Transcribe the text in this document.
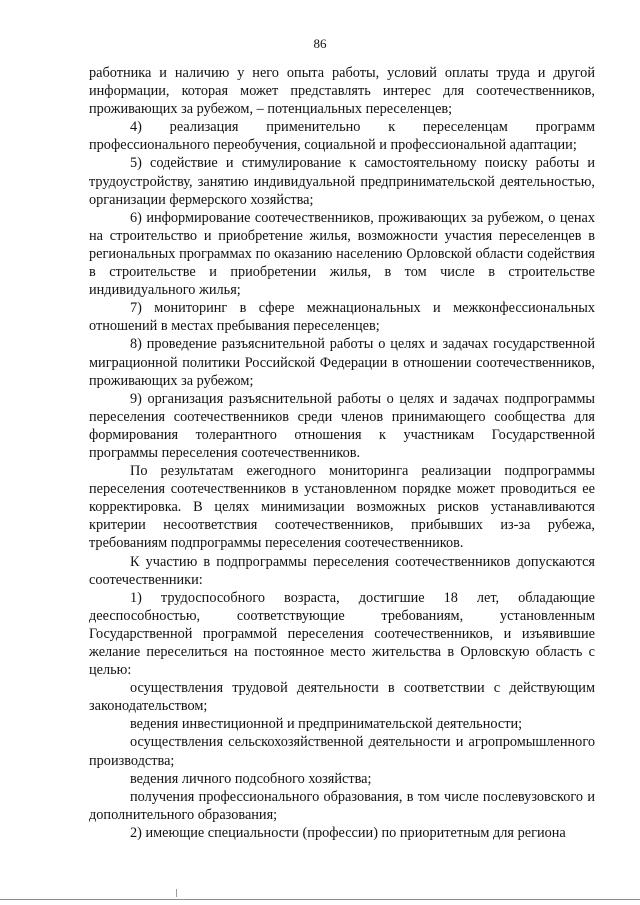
86

работника и наличию у него опыта работы, условий оплаты труда и другой информации, которая может представлять интерес для соотечественников, проживающих за рубежом, – потенциальных переселенцев;

4) реализация применительно к переселенцам программ профессионального переобучения, социальной и профессиональной адаптации;

5) содействие и стимулирование к самостоятельному поиску работы и трудоустройству, занятию индивидуальной предпринимательской деятельностью, организации фермерского хозяйства;

6) информирование соотечественников, проживающих за рубежом, о ценах на строительство и приобретение жилья, возможности участия переселенцев в региональных программах по оказанию населению Орловской области содействия в строительстве и приобретении жилья, в том числе в строительстве индивидуального жилья;

7) мониторинг в сфере межнациональных и межконфессиональных отношений в местах пребывания переселенцев;

8) проведение разъяснительной работы о целях и задачах государственной миграционной политики Российской Федерации в отношении соотечественников, проживающих за рубежом;

9) организация разъяснительной работы о целях и задачах подпрограммы переселения соотечественников среди членов принимающего сообщества для формирования толерантного отношения к участникам Государственной программы переселения соотечественников.

По результатам ежегодного мониторинга реализации подпрограммы переселения соотечественников в установленном порядке может проводиться ее корректировка. В целях минимизации возможных рисков устанавливаются критерии несоответствия соотечественников, прибывших из-за рубежа, требованиям подпрограммы переселения соотечественников.

К участию в подпрограммы переселения соотечественников допускаются соотечественники:

1) трудоспособного возраста, достигшие 18 лет, обладающие дееспособностью, соответствующие требованиям, установленным Государственной программой переселения соотечественников, и изъявившие желание переселиться на постоянное место жительства в Орловскую область с целью:

осуществления трудовой деятельности в соответствии с действующим законодательством;

ведения инвестиционной и предпринимательской деятельности;

осуществления сельскохозяйственной деятельности и агропромышленного производства;

ведения личного подсобного хозяйства;

получения профессионального образования, в том числе послевузовского и дополнительного образования;

2) имеющие специальности (профессии) по приоритетным для региона
